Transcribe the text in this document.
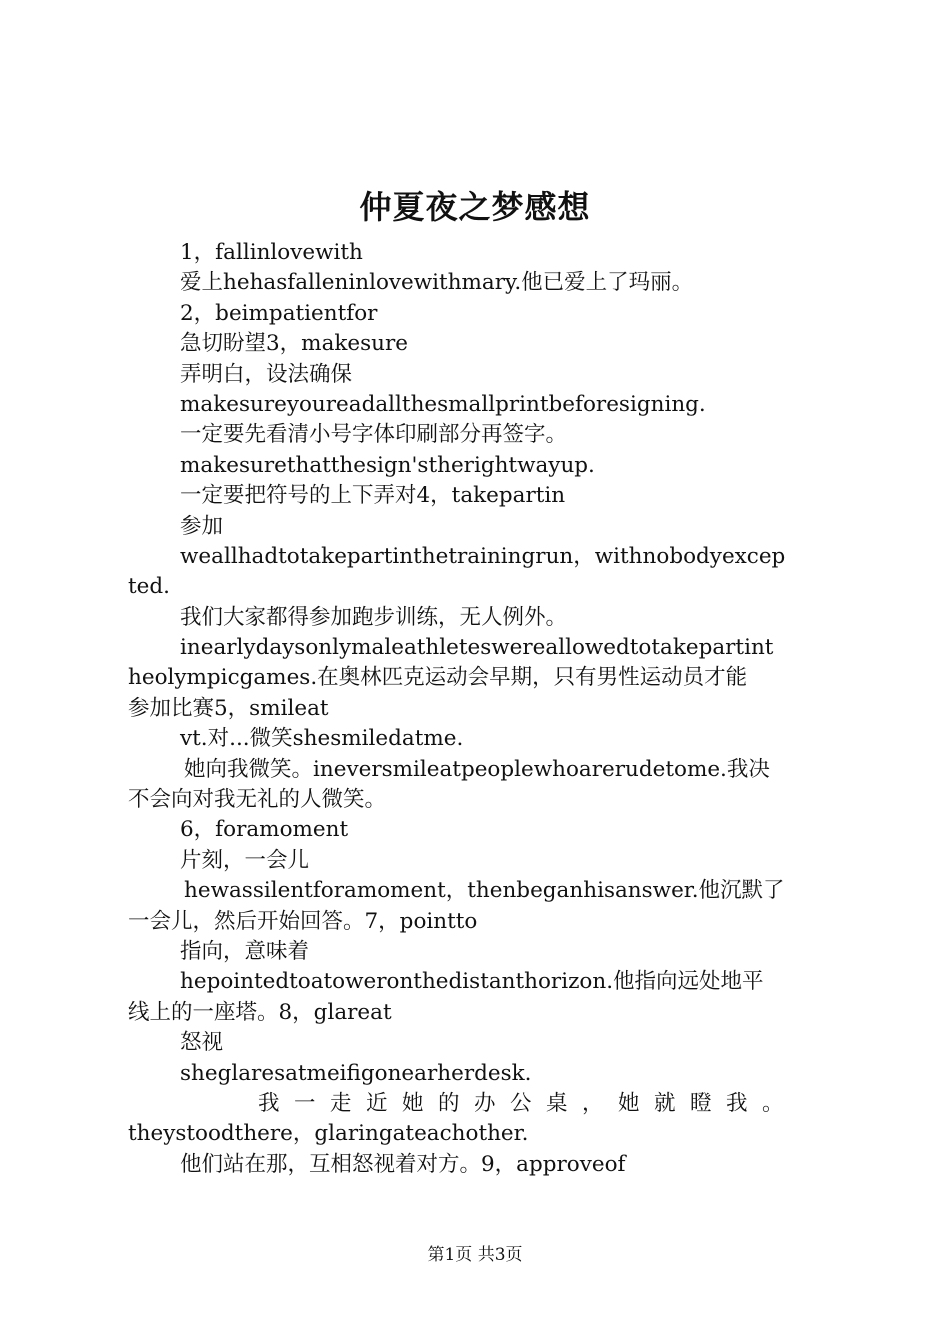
仲夏夜之梦感想
1，fallinlovewith
爱上hehasfalleninlovewithmary.他已爱上了玛丽。
2，beimpatientfor
急切盼望3，makesure
弄明白，设法确保
makesureyoureadallthesmallprintbeforesigning.
一定要先看清小号字体印刷部分再签字。
makesurethatthesign'stherightwayup.
一定要把符号的上下弄对4，takepartin
参加
weallhadtotakepartinthetrainingrun，withnobodyexcep
ted.
我们大家都得参加跑步训练，无人例外。
inearlydaysonlymaleathleteswereallowedtotakepartint
heolympicgames.在奥林匹克运动会早期，只有男性运动员才能
参加比赛5，smileat
vt.对...微笑shesmiledatme.
她向我微笑。ineversmileatpeoplewhoarerudetome.我决
不会向对我无礼的人微笑。
6，foramoment
片刻，一会儿
hewassilentforamoment，thenbeganhisanswer.他沉默了
一会儿，然后开始回答。7，pointto
指向，意味着
hepointedtoatoweronthedistanthorizon.他指向远处地平
线上的一座塔。8，glareat
怒视
sheglaresatmeifigonearherdesk.
我一走近她的办公桌，她就瞪我。
theystoodthere，glaringateachother.
他们站在那，互相怒视着对方。9，approveof
第1页 共3页
